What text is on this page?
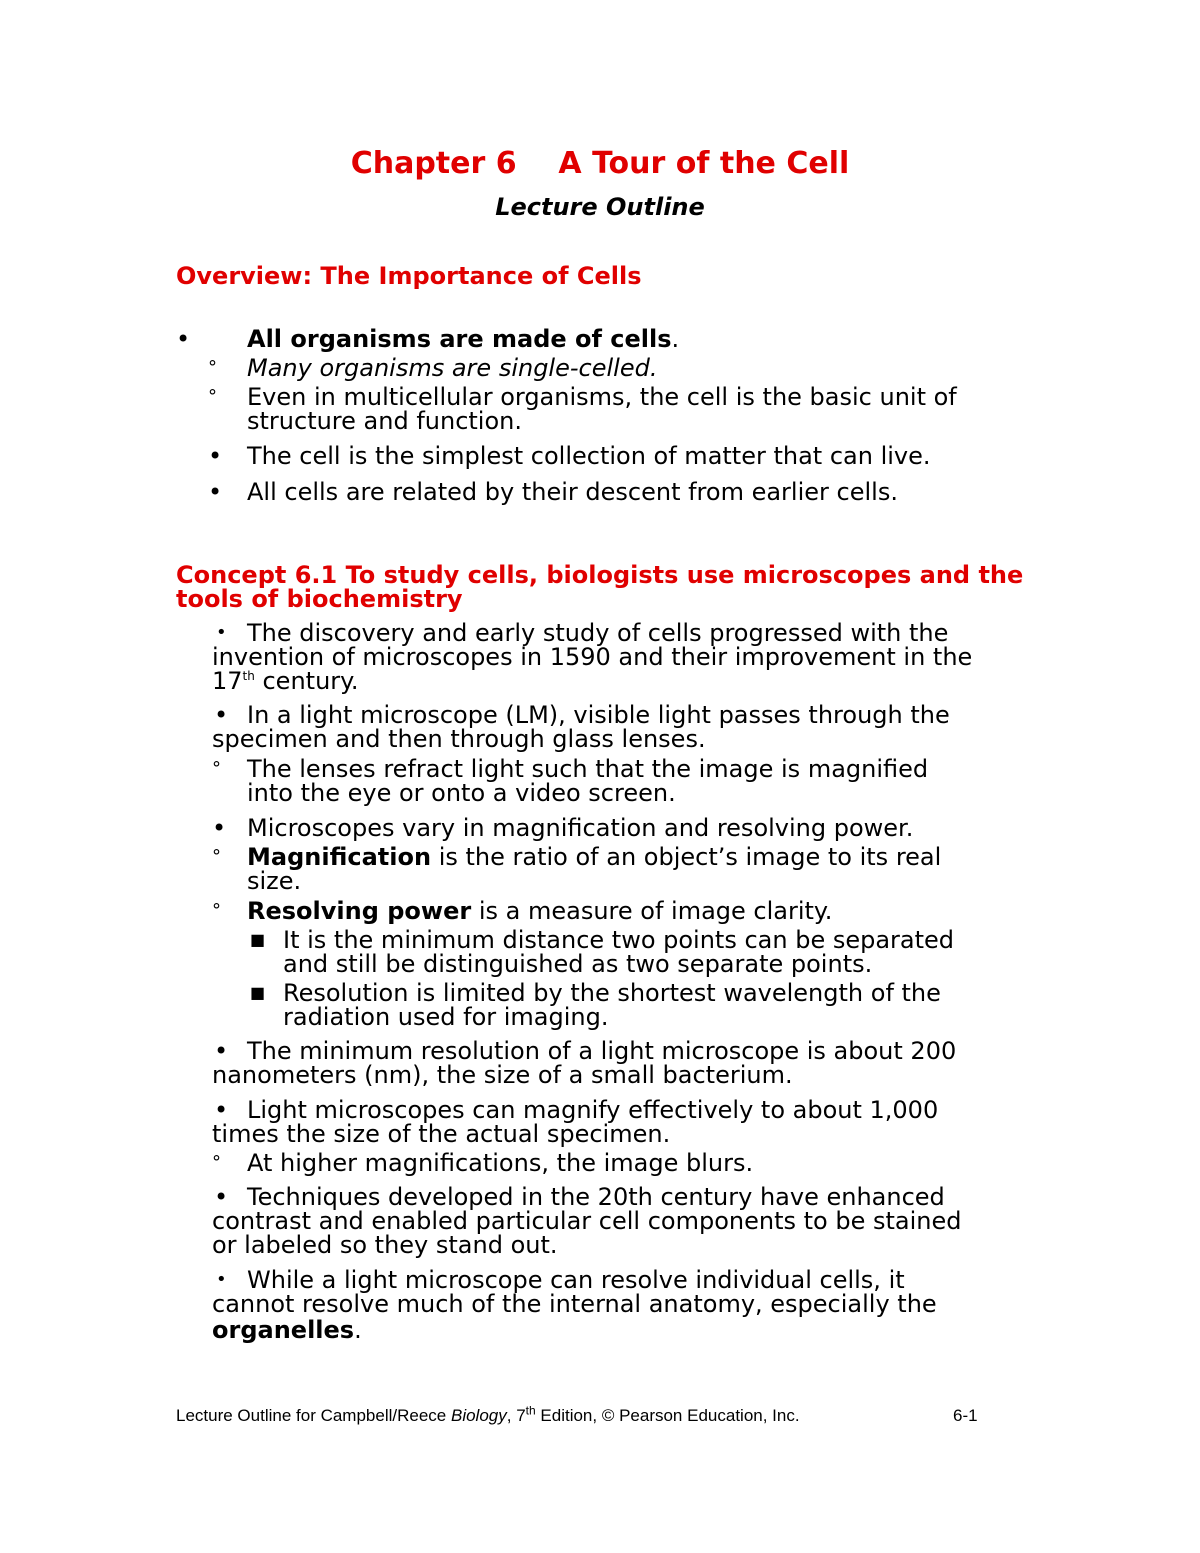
Chapter 6 A Tour of the Cell
Lecture Outline
Overview: The Importance of Cells
• All organisms are made of cells.
° Many organisms are single-celled.
° Even in multicellular organisms, the cell is the basic unit of
structure and function.
• The cell is the simplest collection of matter that can live.
• All cells are related by their descent from earlier cells.
Concept 6.1 To study cells, biologists use microscopes and the
tools of biochemistry
• The discovery and early study of cells progressed with the
invention of microscopes in 1590 and their improvement in the
17th century.
• In a light microscope (LM), visible light passes through the
specimen and then through glass lenses.
° The lenses refract light such that the image is magnified
into the eye or onto a video screen.
• Microscopes vary in magnification and resolving power.
° Magnification is the ratio of an object’s image to its real
size.
° Resolving power is a measure of image clarity.
■ It is the minimum distance two points can be separated
and still be distinguished as two separate points.
■ Resolution is limited by the shortest wavelength of the
radiation used for imaging.
• The minimum resolution of a light microscope is about 200
nanometers (nm), the size of a small bacterium.
• Light microscopes can magnify effectively to about 1,000
times the size of the actual specimen.
° At higher magnifications, the image blurs.
• Techniques developed in the 20th century have enhanced
contrast and enabled particular cell components to be stained
or labeled so they stand out.
• While a light microscope can resolve individual cells, it
cannot resolve much of the internal anatomy, especially the
organelles.
Lecture Outline for Campbell/Reece Biology, 7th Edition, © Pearson Education, Inc.	6-1
